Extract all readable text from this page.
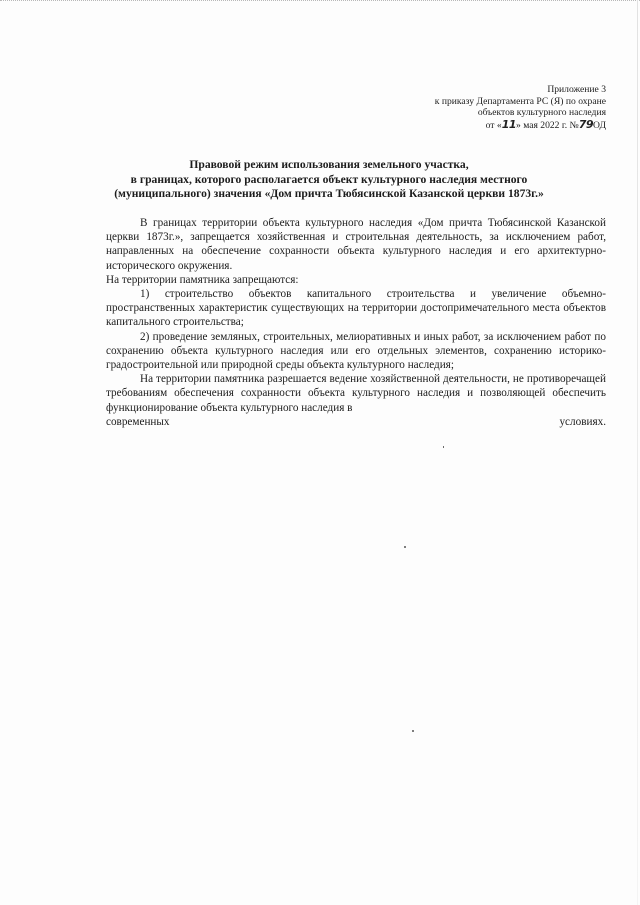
Приложение 3
к приказу Департамента РС (Я) по охране
объектов культурного наследия
от «11» мая 2022 г. №79ОД
Правовой режим использования земельного участка,
в границах, которого располагается объект культурного наследия местного
(муниципального) значения «Дом причта Тюбясинской Казанской церкви 1873г.»

В границах территории объекта культурного наследия «Дом причта Тюбясинской Казанской церкви 1873г.», запрещается хозяйственная и строительная деятельность, за исключением работ, направленных на обеспечение сохранности объекта культурного наследия и его архитектурно-исторического окружения.

На территории памятника запрещаются:

1) строительство объектов капитального строительства и увеличение объемно-пространственных характеристик существующих на территории достопримечательного места объектов капитального строительства;

2) проведение земляных, строительных, мелиоративных и иных работ, за исключением работ по сохранению объекта культурного наследия или его отдельных элементов, сохранению историко-градостроительной или природной среды объекта культурного наследия;

На территории памятника разрешается ведение хозяйственной деятельности, не противоречащей требованиям обеспечения сохранности объекта культурного наследия и позволяющей обеспечить функционирование объекта культурного наследия в

современных	условиях.
